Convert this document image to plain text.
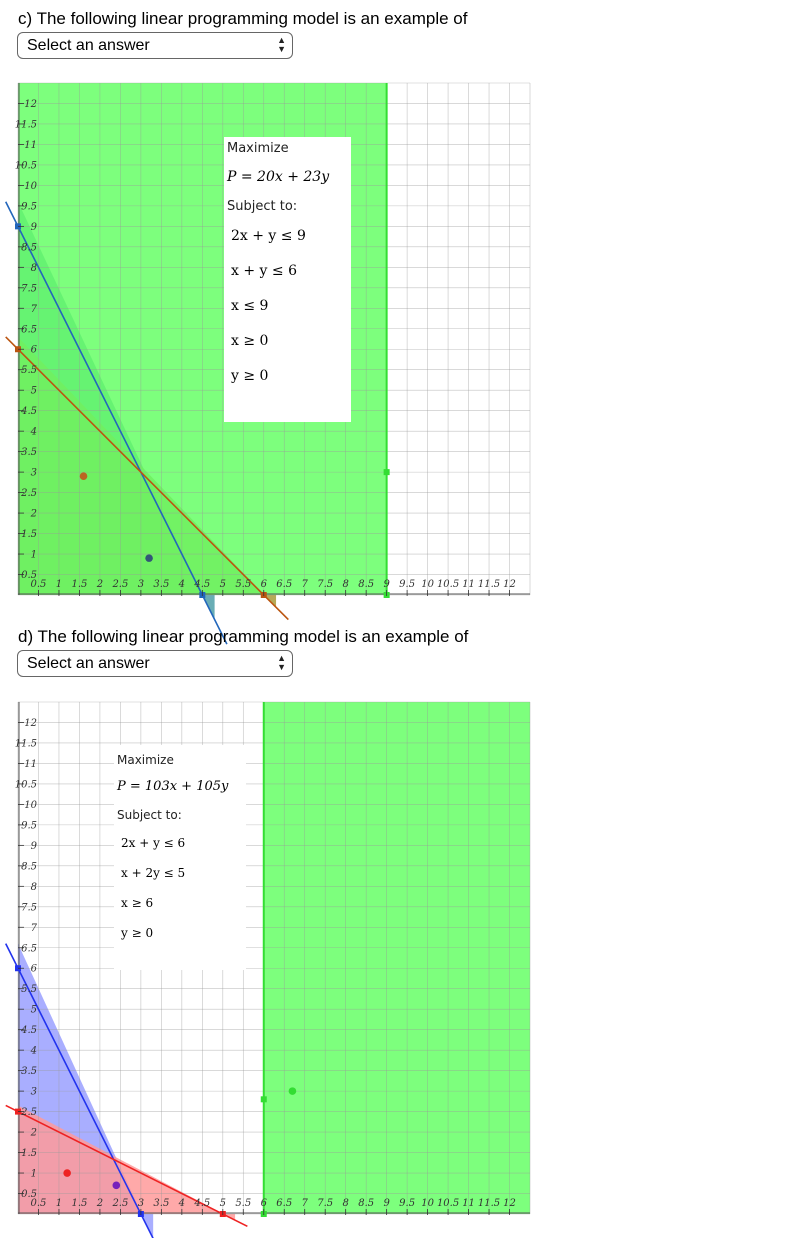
c) The following linear programming model is an example of
Select an answer	▲
▼
0.5 1 1.5 2 2.5 3 3.5 4 4.5 5 5.5 6 6.5 7 7.5 8 8.5 9 9.5 10 10.5 11 11.5 12
0.5
1
1.5
2
2.5
3
3.5
4
4.5
5
5.5
6
6.5
7
7.5
8
8.5
9
9.5
10
10.5
11
11.5
12
Maximize
P = 20x + 23y
Subject to:
2x + y ≤ 9
x + y ≤ 6
x ≤ 9
x ≥ 0
y ≥ 0
d) The following linear programming model is an example of
Select an answer	▲
▼
0.5 1 1.5 2 2.5 3 3.5 4 4.5 5 5.5 6 6.5 7 7.5 8 8.5 9 9.5 10 10.5 11 11.5 12
0.5
1
1.5
2
2.5
3
3.5
4
4.5
5
5.5
6
6.5
7
7.5
8
8.5
9
9.5
10
10.5
11
11.5
12
Maximize
P = 103x + 105y
Subject to:
2x + y ≤ 6
x + 2y ≤ 5
x ≥ 6
y ≥ 0
